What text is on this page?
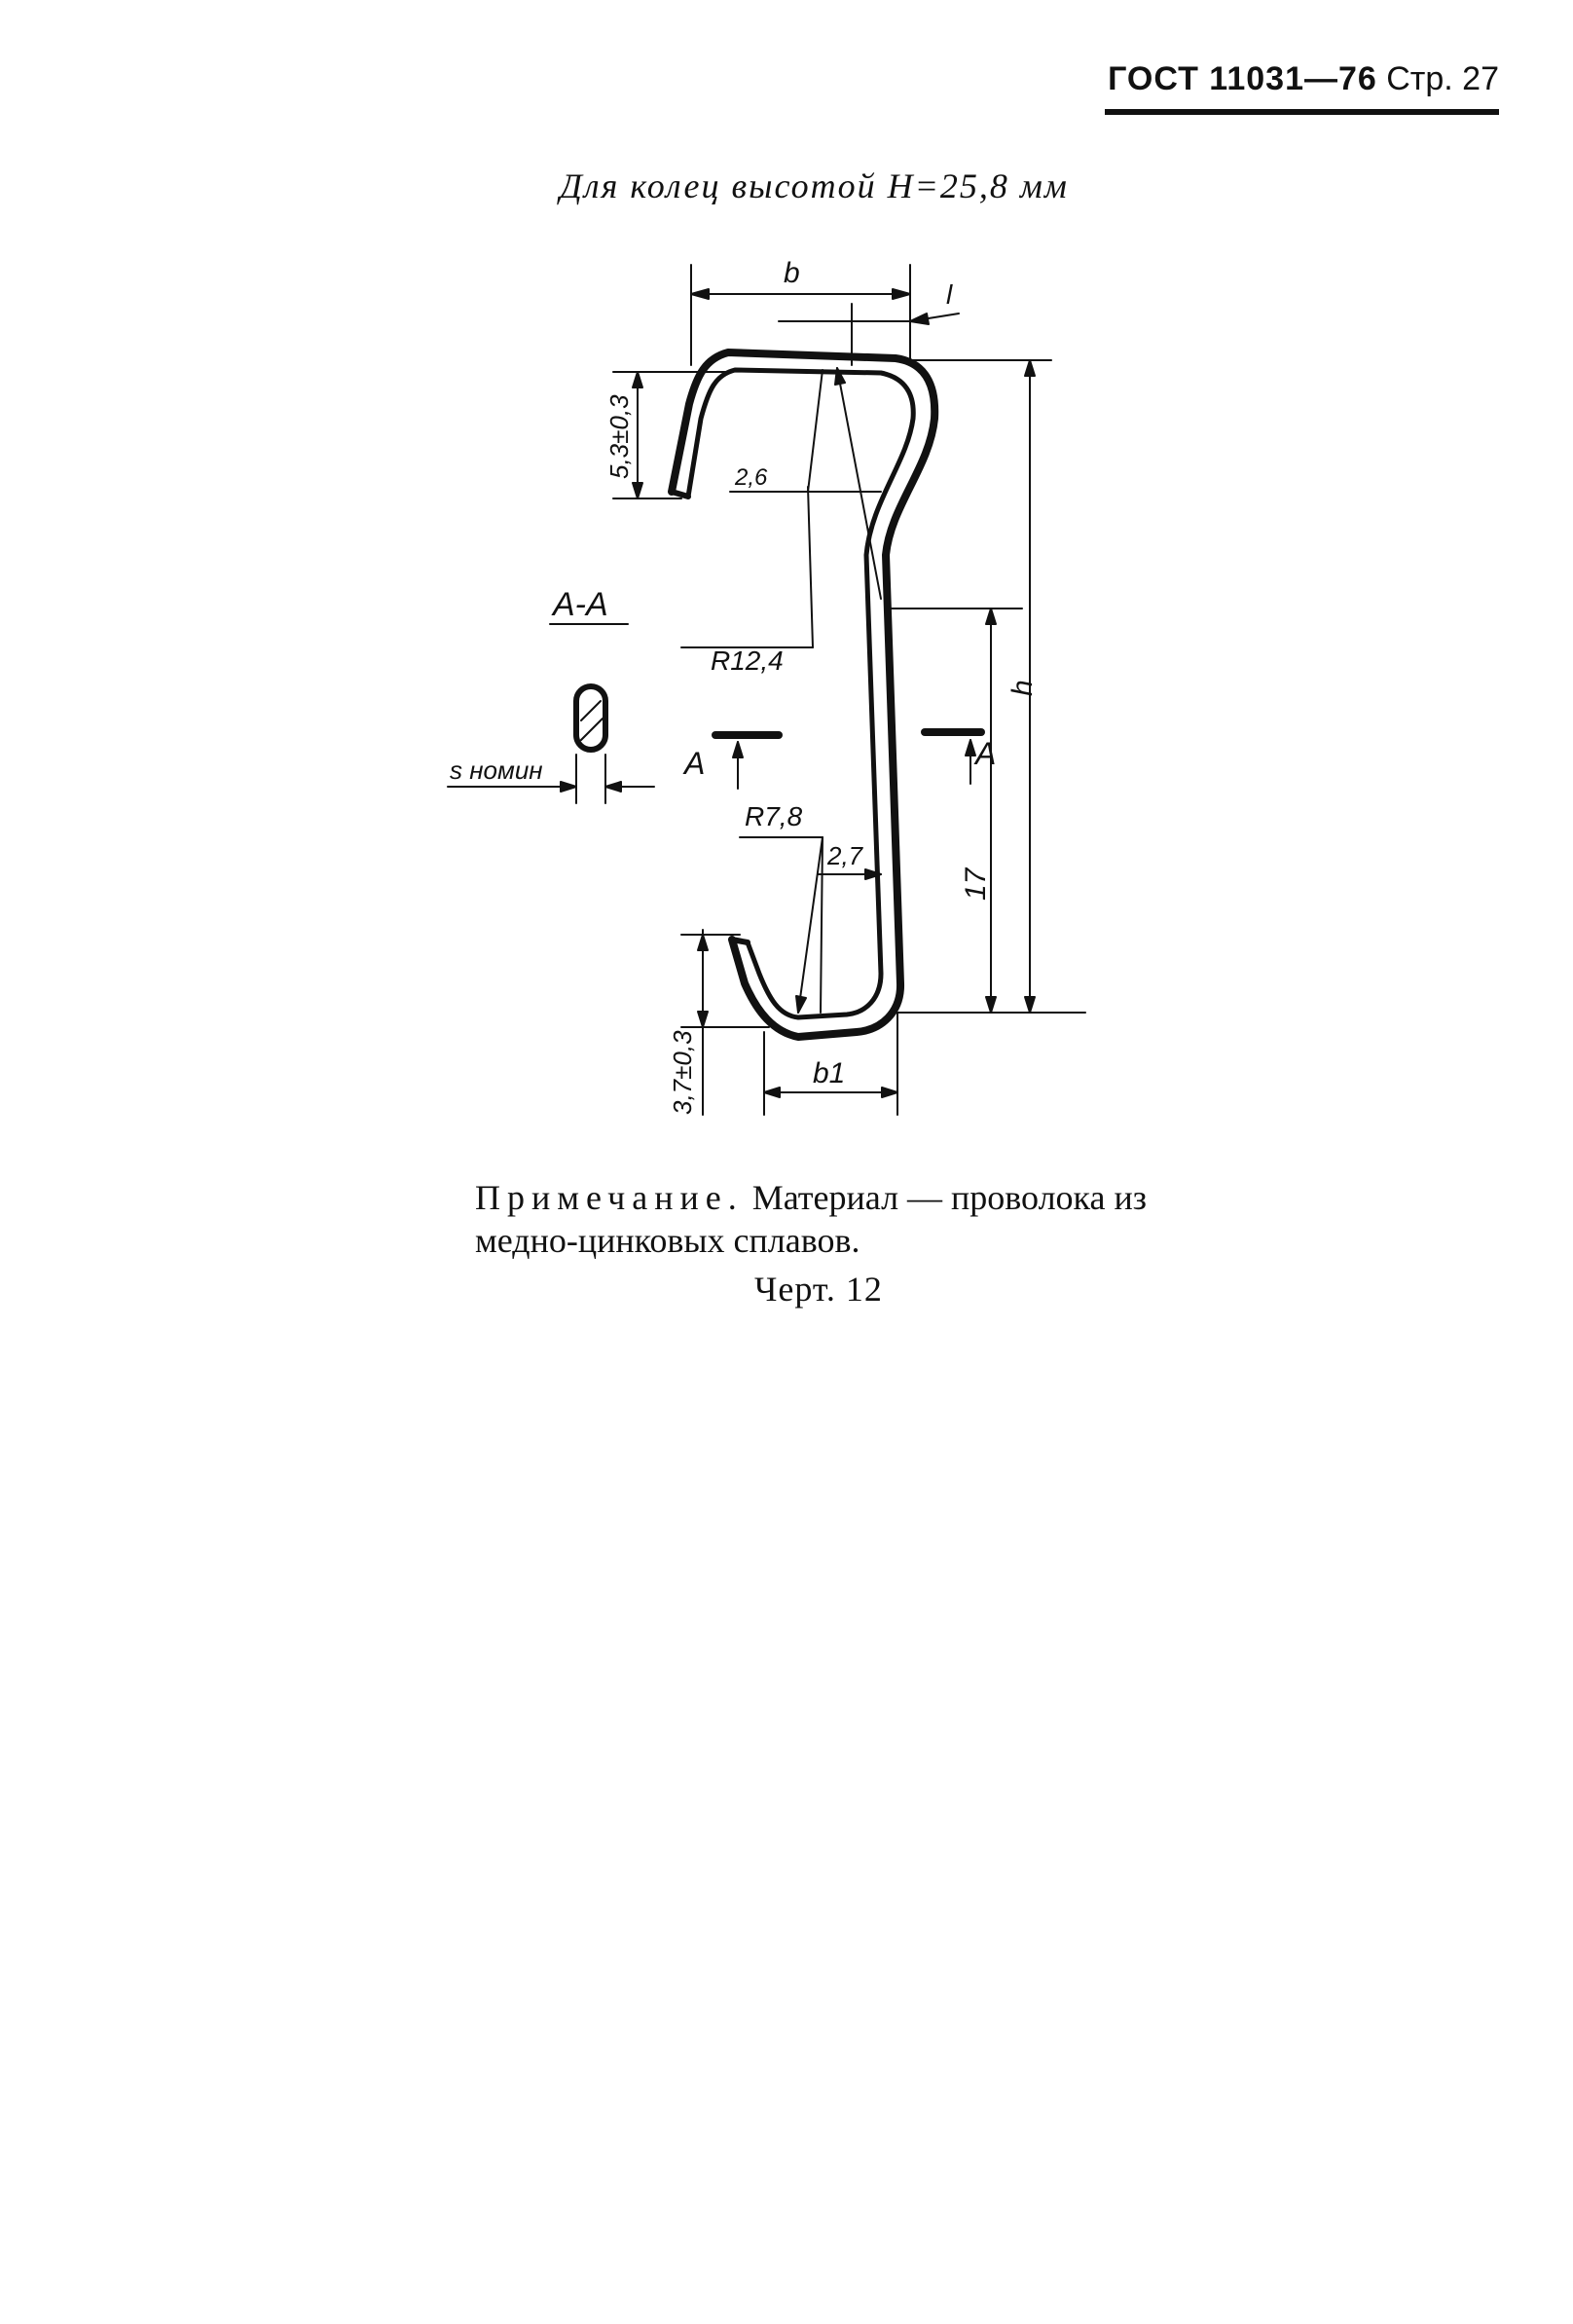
ГОСТ 11031—76 Стр. 27
Для колец высотой H=25,8 мм
b
l
5,3±0,3	2,6
R12,4
h
А-А
А	А
s номин
R7,8
2,7
17
3,7±0,3	b1
Примечание. Материал — проволока из
медно-цинковых сплавов.
Черт. 12
